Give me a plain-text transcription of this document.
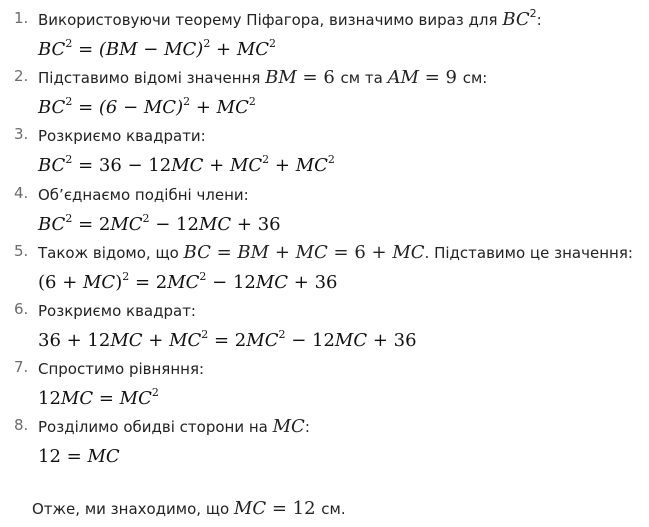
1. Використовуючи теорему Піфагора, визначимо вираз для $BC^2$:
$BC^2 = (BM - MC)^2 + MC^2$
2. Підставимо відомі значення BM = 6 см та AM = 9 см:
$BC^2 = (6 - MC)^2 + MC^2$
3. Розкриємо квадрати:
$BC^2 = 36 - 12MC + MC^2 + MC^2$
4. Об’єднаємо подібні члени:
$BC^2 = 2MC^2 - 12MC + 36$
5. Також відомо, що BC = BM + MC = 6 + MC. Підставимо це значення:
$(6 + MC)^2 = 2MC^2 - 12MC + 36$
6. Розкриємо квадрат:
$36 + 12MC + MC^2 = 2MC^2 - 12MC + 36$
7. Спростимо рівняння:
$12MC = MC^2$
8. Розділимо обидві сторони на MC:
12 = MC
Отже, ми знаходимо, що MC = 12 см.
